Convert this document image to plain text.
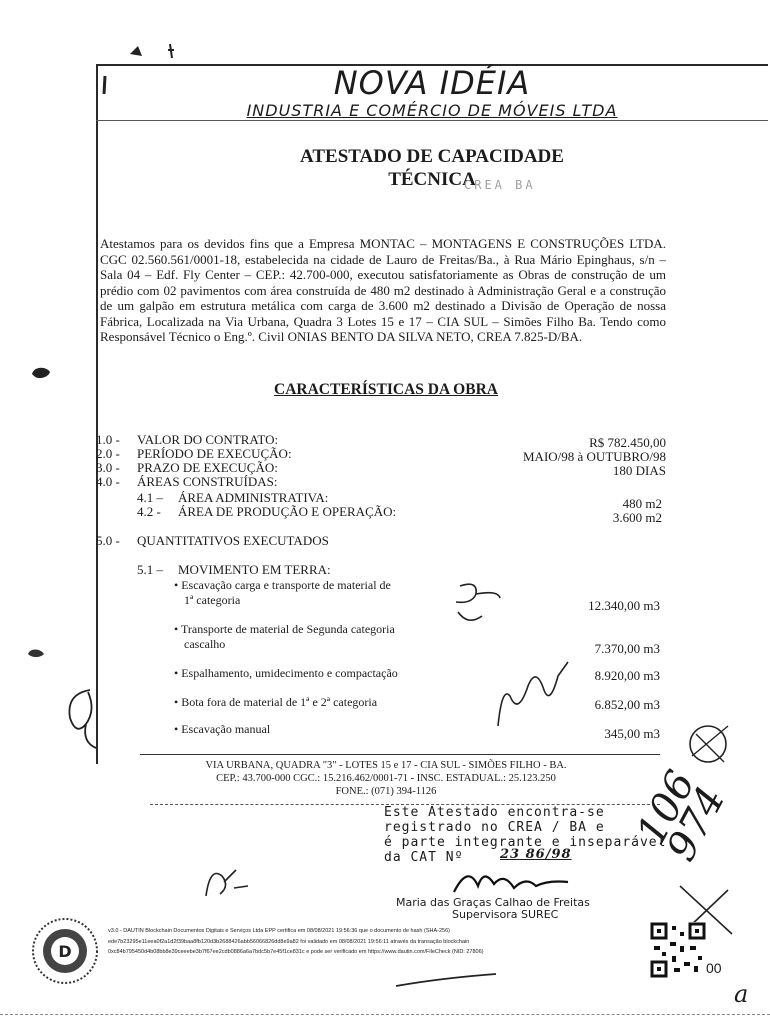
NOVA IDÉIA
INDUSTRIA E COMÉRCIO DE MÓVEIS LTDA
ATESTADO DE CAPACIDADE
TÉCNICA
CREA BA
Atestamos para os devidos fins que a Empresa MONTAC – MONTAGENS E CONSTRUÇÕES LTDA. CGC 02.560.561/0001-18, estabelecida na cidade de Lauro de Freitas/Ba., à Rua Mário Epinghaus, s/n – Sala 04 – Edf. Fly Center – CEP.: 42.700-000, executou satisfatoriamente as Obras de construção de um prédio com 02 pavimentos com área construída de 480 m2 destinado à Administração Geral e a construção de um galpão em estrutura metálica com carga de 3.600 m2 destinado a Divisão de Operação de nossa Fábrica, Localizada na Via Urbana, Quadra 3 Lotes 15 e 17 – CIA SUL – Simões Filho Ba. Tendo como Responsável Técnico o Eng.º. Civil ONIAS BENTO DA SILVA NETO, CREA 7.825-D/BA.
CARACTERÍSTICAS DA OBRA
1.0 - VALOR DO CONTRATO:	R$ 782.450,00
2.0 - PERÍODO DE EXECUÇÃO:	MAIO/98 à OUTUBRO/98
3.0 - PRAZO DE EXECUÇÃO:	180 DIAS
4.0 - ÁREAS CONSTRUÍDAS:
4.1 – ÁREA ADMINISTRATIVA:	480 m2
4.2 - ÁREA DE PRODUÇÃO E OPERAÇÃO:	3.600 m2
5.0 - QUANTITATIVOS EXECUTADOS
5.1 – MOVIMENTO EM TERRA:
• Escavação carga e transporte de material de
1ª categoria	12.340,00 m3
• Transporte de material de Segunda categoria
cascalho	7.370,00 m3
• Espalhamento, umidecimento e compactação	8.920,00 m3
• Bota fora de material de 1ª e 2ª categoria	6.852,00 m3
• Escavação manual	345,00 m3
VIA URBANA, QUADRA "3" - LOTES 15 e 17 - CIA SUL - SIMÕES FILHO - BA.
CEP.: 43.700-000 CGC.: 15.216.462/0001-71 - INSC. ESTADUAL.: 25.123.250
FONE.: (071) 394-1126
Este Atestado encontra-se
registrado no CREA / BA e
é parte integrante e inseparável
da CAT Nº	23 86/98
Maria das Graças Calhao de Freitas
Supervisora SUREC
106 974
D
v3.0 - DAUTIN Blockchain Documentos Digitais e Serviços Ltda EPP certifica em 08/08/2021 19:56:36 que o documento de hash (SHA-256)
ede7b23295e11eea0f2a1d2f39baa8fb120d3b2688426abb56066826dd8e9a82 foi validado em 08/08/2021 19:56:11 através da transação blockchain
0xc84b795450d4b08bb8e39ceeebe3b7f67ee2cdb0886a6a7bdc5b7e45f1ce831c e pode ser verificado em https://www.dautin.com/FileCheck (NID: 27806)
00
a
